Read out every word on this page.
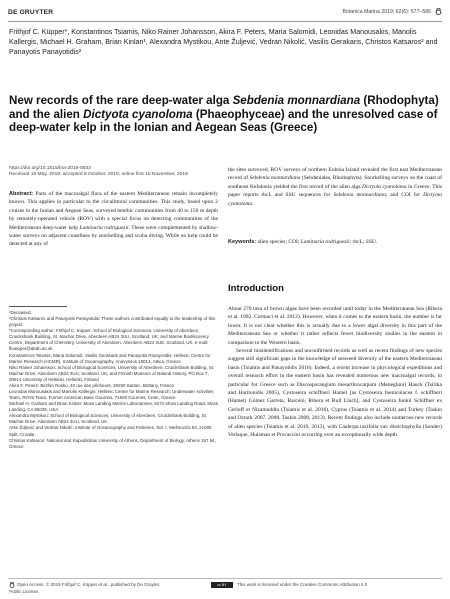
DE GRUYTER	Botanica Marina 2019; 62(6): 577–586
Frithjof C. Küpper*, Konstantinos Tsiamis, Niko Rainer Johansson, Akira F. Peters, Maria Salomidi, Leonidas Manousakis, Manolis Kallergis, Michael H. Graham, Brian Kinlan¹, Alexandra Mystikou, Ante Žuljević, Vedran Nikolić, Vasilis Gerakaris, Christos Katsaros² and Panayotis Panayotidis²
New records of the rare deep-water alga Sebdenia monnardiana (Rhodophyta) and the alien Dictyota cyanoloma (Phaeophyceae) and the unresolved case of deep-water kelp in the Ionian and Aegean Seas (Greece)
https://doi.org/10.1515/bot-2019-0033
Received 16 May, 2019; accepted 8 October, 2019; online first 15 November, 2019
Abstract: Parts of the macroalgal flora of the eastern Mediterranean remain incompletely known. This applies in particular to the circalittoral communities. This study, based upon 2 cruises in the Ionian and Aegean Seas, surveyed benthic communities from 40 to 150 m depth by remotely-operated vehicle (ROV) with a special focus on detecting communities of the Mediterranean deep-water kelp Laminaria rodriguezii. These were complemented by shallow-water surveys on adjacent coastlines by snorkelling and scuba diving. While no kelp could be detected at any of
the sites surveyed, ROV surveys of northern Euboia Island revealed the first east Mediterranean record of Sebdenia monnardiana (Sebdeniales, Rhodophyta). Snorkelling surveys on the coast of southeast Kefalonia yielded the first record of the alien alga Dictyota cyanoloma in Greece. This paper reports rbcL and SSU sequences for Sebdenia monnardiana, and COI for Dictyota cyanoloma.
Keywords: alien species; COI; Laminaria rodriguezii; rbcL; SSU.
Introduction

About 270 taxa of brown algae have been recorded until today in the Mediterranean Sea (Ribera et al. 1992, Cormaci et al. 2012). However, when it comes to the eastern basin, the number is far lower. It is not clear whether this is actually due to a lower algal diversity in this part of the Mediterranean Sea or whether it rather reflects fewer biodiversity studies in the eastern in comparison to the Western basin.

Several misidentifications and unconfirmed records as well as recent findings of new species suggest still significant gaps in the knowledge of seaweed diversity of the eastern Mediterranean basin (Tsiamis and Panayotidis 2016). Indeed, a recent increase in phycological expeditions and overall research effort in the eastern basin has revealed numerous new macroalgal records, in particular for Greece such as Discosporangium mesarthrocarpum (Meneghini) Hauck (Tsirika and Haritonidis 2005), Cystoseira schiffneri Hamel [as Cystoseira foeniculacea f. schiffneri (Hamel) Gómez Garreta, Barceló, Ribera et Rull Lluch], and Cystoseira funkii Schiffner ex Gerloff et Nizamuddin (Tsiamis et al. 2016), Cyprus (Tsiamis et al. 2014) and Turkey (Taskin and Ozturk 2007, 2008, Taskin 2008, 2013). Recent findings also include numerous new records of alien species (Tsiamis et al. 2010, 2013), with Caulerpa taxifolia var. distichophylla (Sonder) Verlaque, Huisman et Procaccini occurring over an exceptionally wide depth

¹Deceased.

²Christos Katsaros and Panayotis Panayotidis: These authors contributed equally to the leadership of this project.

*Corresponding author: Frithjof C. Küpper, School of Biological Sciences, University of Aberdeen, Cruickshank Building, St. Machar Drive, Aberdeen AB24 3UU, Scotland, UK; and Marine Biodiscovery Centre, Department of Chemistry, University of Aberdeen, Aberdeen AB24 3UE, Scotland, UK, e-mail: fkuepper@abdn.ac.uk

Konstantinos Tsiamis, Maria Salomidi, Vasilis Gerakaris and Panayotis Panayotidis: Hellenic Centre for Marine Research (HCMR), Institute of Oceanography, Anavyssos 19013, Attica, Greece

Niko Rainer Johansson: School of Biological Sciences, University of Aberdeen, Cruickshank Building, St. Machar Drive, Aberdeen AB24 3UU, Scotland, UK; and Finnish Museum of Natural History, PO Box 7, 00014 University of Helsinki, Helsinki, Finland

Akira F. Peters: Bezhin Rosko, 40 rue des pêcheurs, 29250 Santec, Brittany, France

Leonidas Manousakis and Manolis Kallergis: Hellenic Center for Marine Research, Underwater Activities Team, ROVs Team, Former American Base Gournes, 71500 Gournes, Crete, Greece

Michael H. Graham and Brian Kinlan: Moss Landing Marine Laboratories, 8272 Moss Landing Road, Moss Landing, CA 95039, USA

Alexandra Mystikou: School of Biological Sciences, University of Aberdeen, Cruickshank Building, St. Machar Drive, Aberdeen AB24 3UU, Scotland, UK

Ante Žuljević and Vedran Nikolić: Institute of Oceanography and Fisheries, Šet. I. Meštrovića 63, 21000 Split, Croatia

Christos Katsaros: National and Kapodistrian University of Athens, Department of Biology, Athens 157 84, Greece

Open Access. © 2019 Frithjof C. Küpper et al., published by De Gruyter.	cc BY	This work is licensed under the Creative Commons Attribution 4.0
Public License.
